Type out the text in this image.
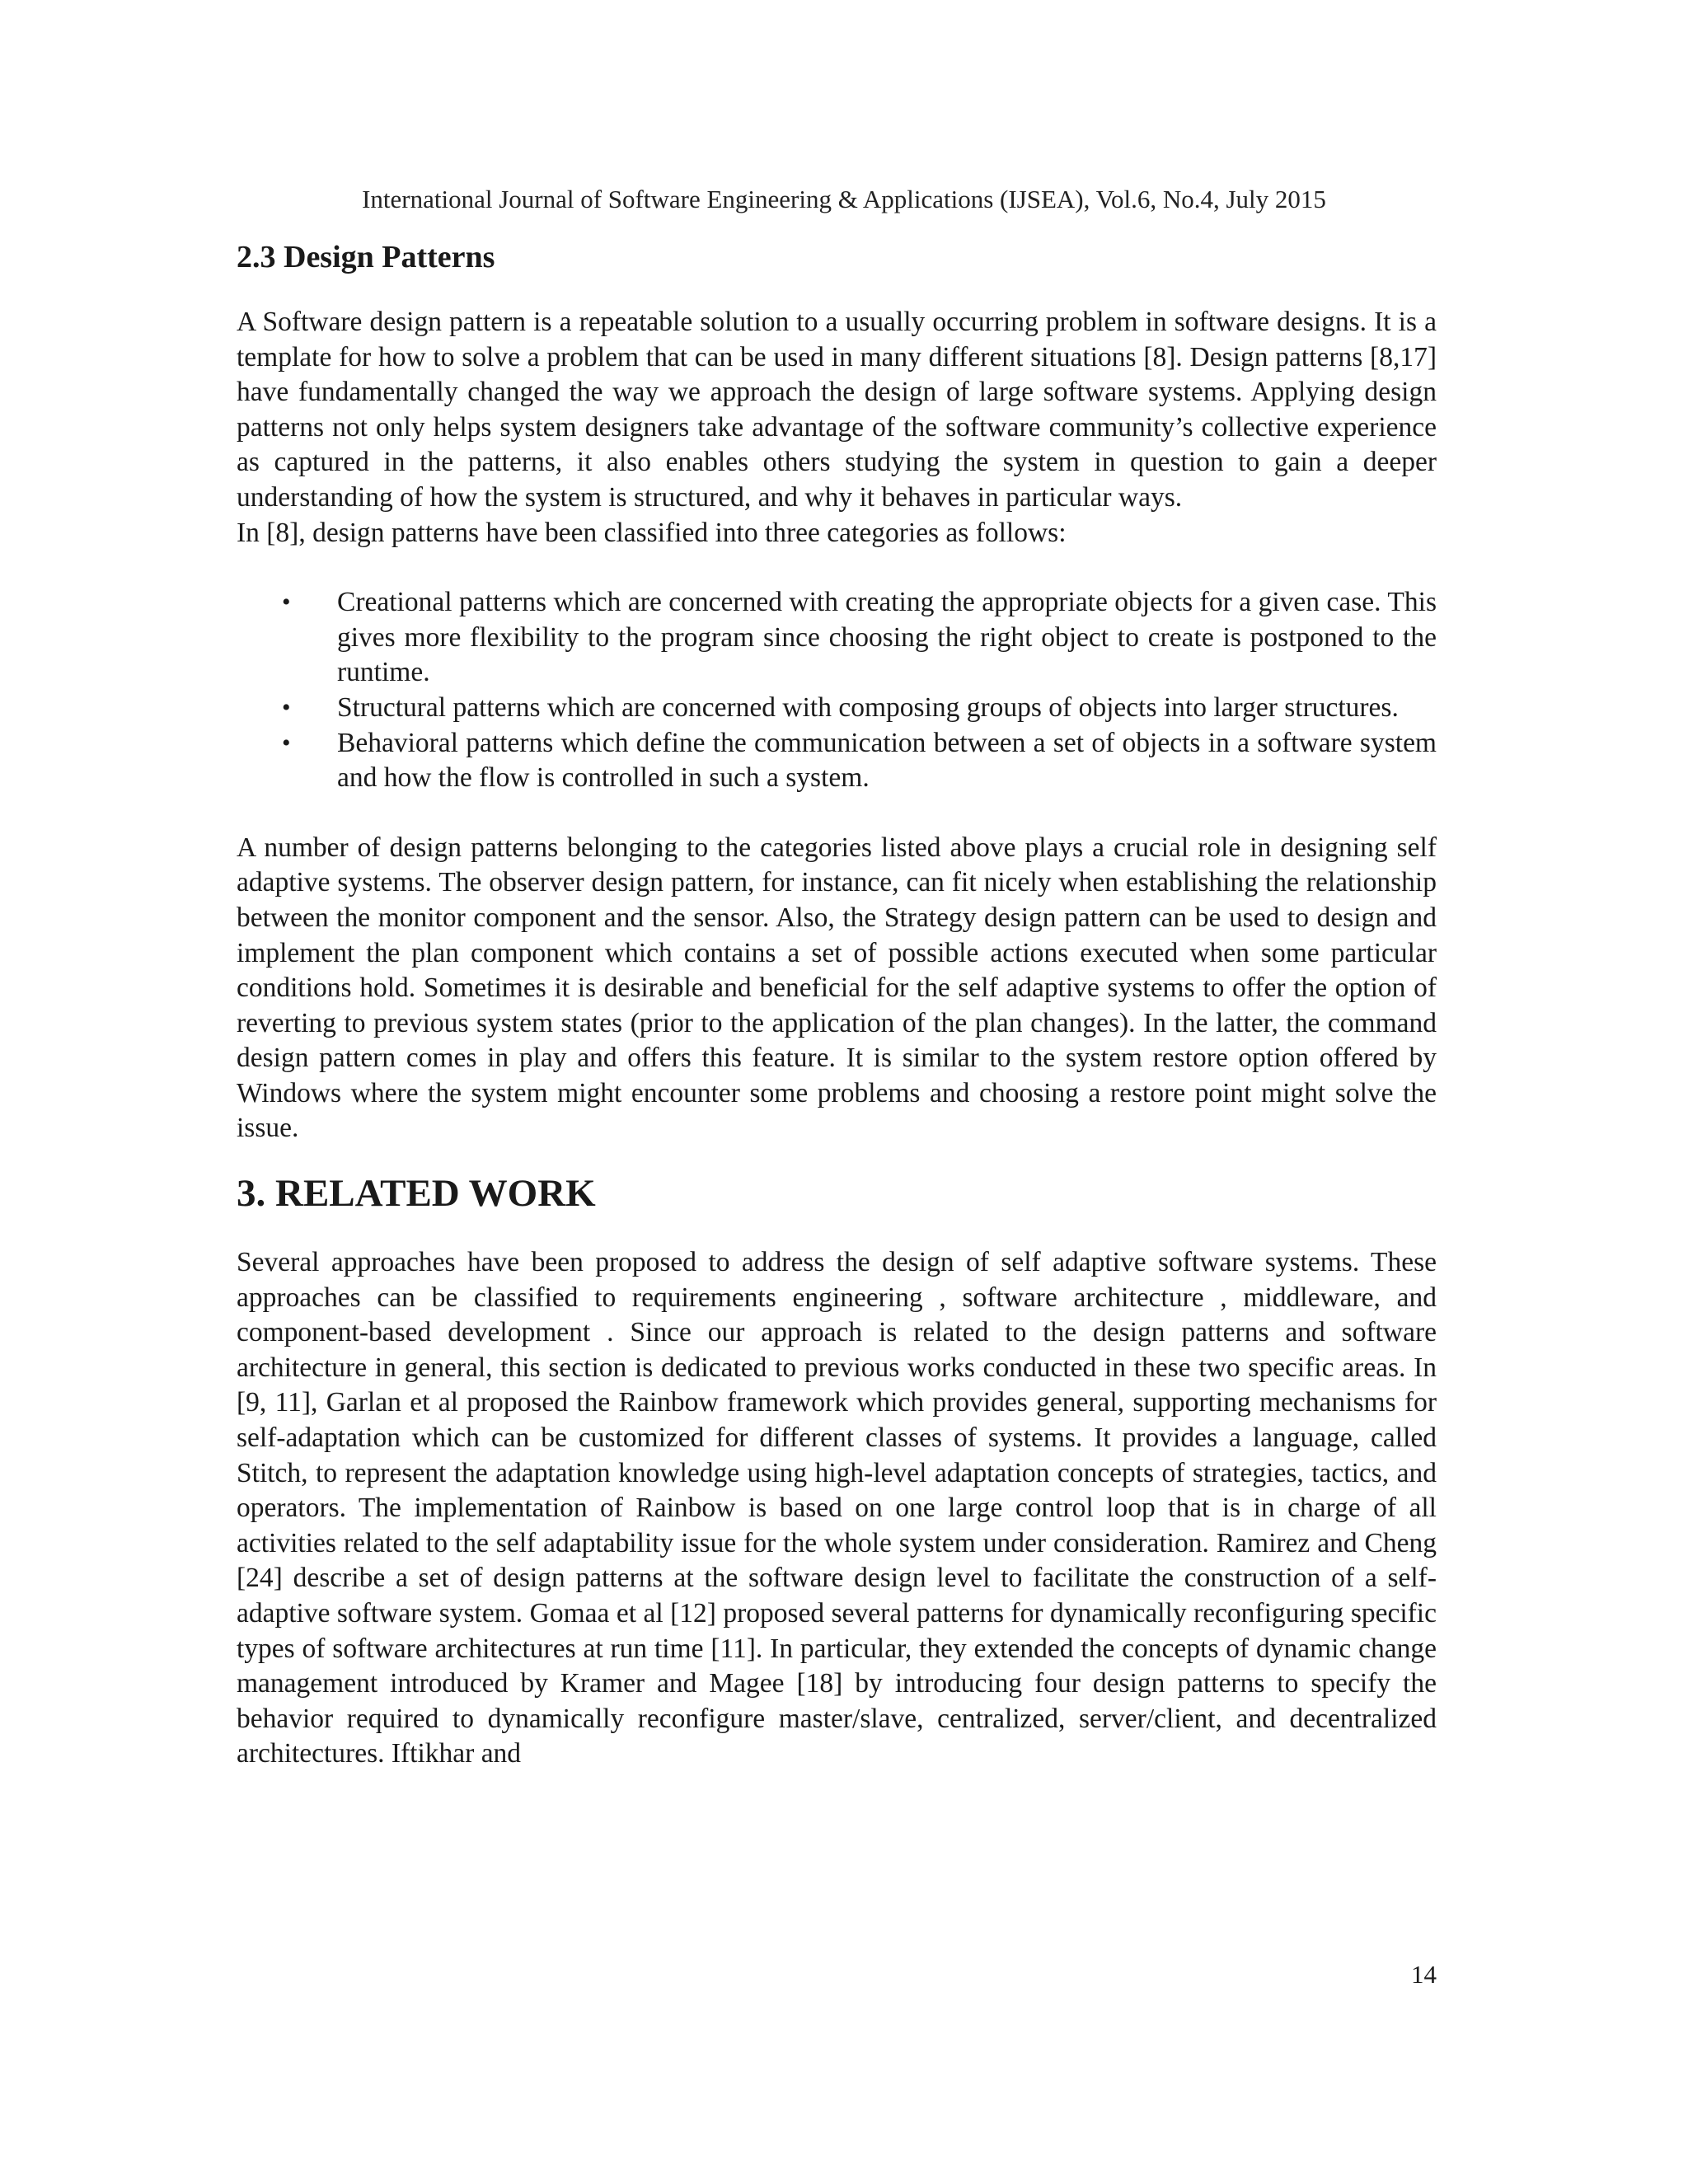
International Journal of Software Engineering & Applications (IJSEA), Vol.6, No.4, July 2015
2.3 Design Patterns

A Software design pattern is a repeatable solution to a usually occurring problem in software designs. It is a template for how to solve a problem that can be used in many different situations [8]. Design patterns [8,17] have fundamentally changed the way we approach the design of large software systems. Applying design patterns not only helps system designers take advantage of the software community’s collective experience as captured in the patterns, it also enables others studying the system in question to gain a deeper understanding of how the system is structured, and why it behaves in particular ways.

In [8], design patterns have been classified into three categories as follows:

• Creational patterns which are concerned with creating the appropriate objects for a given case. This gives more flexibility to the program since choosing the right object to create is postponed to the runtime.
• Structural patterns which are concerned with composing groups of objects into larger structures.
• Behavioral patterns which define the communication between a set of objects in a software system and how the flow is controlled in such a system.

A number of design patterns belonging to the categories listed above plays a crucial role in designing self adaptive systems. The observer design pattern, for instance, can fit nicely when establishing the relationship between the monitor component and the sensor. Also, the Strategy design pattern can be used to design and implement the plan component which contains a set of possible actions executed when some particular conditions hold. Sometimes it is desirable and beneficial for the self adaptive systems to offer the option of reverting to previous system states (prior to the application of the plan changes). In the latter, the command design pattern comes in play and offers this feature. It is similar to the system restore option offered by Windows where the system might encounter some problems and choosing a restore point might solve the issue.

3. RELATED WORK

Several approaches have been proposed to address the design of self adaptive software systems. These approaches can be classified to requirements engineering , software architecture , middleware, and component-based development . Since our approach is related to the design patterns and software architecture in general, this section is dedicated to previous works conducted in these two specific areas. In [9, 11], Garlan et al proposed the Rainbow framework which provides general, supporting mechanisms for self-adaptation which can be customized for different classes of systems. It provides a language, called Stitch, to represent the adaptation knowledge using high-level adaptation concepts of strategies, tactics, and operators. The implementation of Rainbow is based on one large control loop that is in charge of all activities related to the self adaptability issue for the whole system under consideration. Ramirez and Cheng [24] describe a set of design patterns at the software design level to facilitate the construction of a self-adaptive software system. Gomaa et al [12] proposed several patterns for dynamically reconfiguring specific types of software architectures at run time [11]. In particular, they extended the concepts of dynamic change management introduced by Kramer and Magee [18] by introducing four design patterns to specify the behavior required to dynamically reconfigure master/slave, centralized, server/client, and decentralized architectures. Iftikhar and

14
